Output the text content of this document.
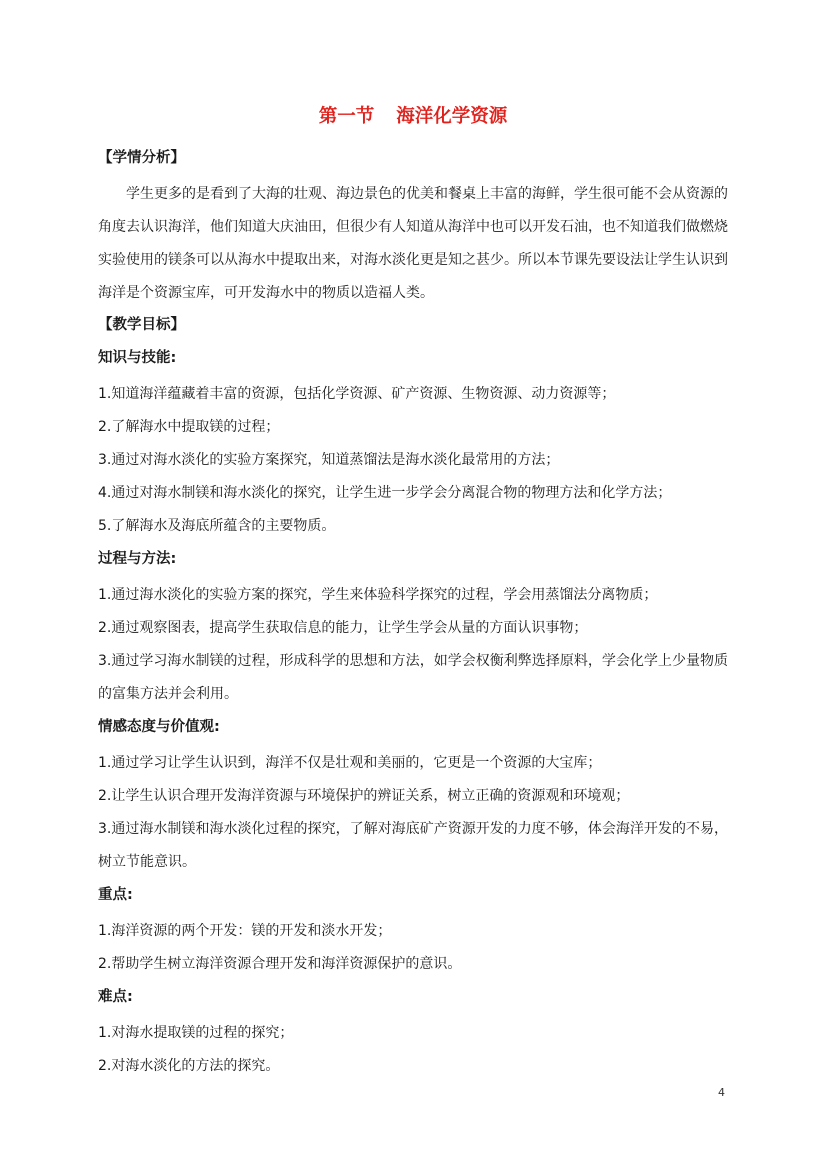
第一节 海洋化学资源
【学情分析】
学生更多的是看到了大海的壮观、海边景色的优美和餐桌上丰富的海鲜，学生很可能不会从资源的角度去认识海洋，他们知道大庆油田，但很少有人知道从海洋中也可以开发石油，也不知道我们做燃烧实验使用的镁条可以从海水中提取出来，对海水淡化更是知之甚少。所以本节课先要设法让学生认识到海洋是个资源宝库，可开发海水中的物质以造福人类。
【教学目标】
知识与技能:
1.知道海洋蕴藏着丰富的资源，包括化学资源、矿产资源、生物资源、动力资源等；
2.了解海水中提取镁的过程；
3.通过对海水淡化的实验方案探究，知道蒸馏法是海水淡化最常用的方法；
4.通过对海水制镁和海水淡化的探究，让学生进一步学会分离混合物的物理方法和化学方法；
5.了解海水及海底所蕴含的主要物质。
过程与方法:
1.通过海水淡化的实验方案的探究，学生来体验科学探究的过程，学会用蒸馏法分离物质；
2.通过观察图表，提高学生获取信息的能力，让学生学会从量的方面认识事物；
3.通过学习海水制镁的过程，形成科学的思想和方法，如学会权衡利弊选择原料，学会化学上少量物质的富集方法并会利用。
情感态度与价值观:
1.通过学习让学生认识到，海洋不仅是壮观和美丽的，它更是一个资源的大宝库；
2.让学生认识合理开发海洋资源与环境保护的辨证关系，树立正确的资源观和环境观；
3.通过海水制镁和海水淡化过程的探究，了解对海底矿产资源开发的力度不够，体会海洋开发的不易，树立节能意识。
重点:
1.海洋资源的两个开发：镁的开发和淡水开发；
2.帮助学生树立海洋资源合理开发和海洋资源保护的意识。
难点:
1.对海水提取镁的过程的探究；
2.对海水淡化的方法的探究。
4
